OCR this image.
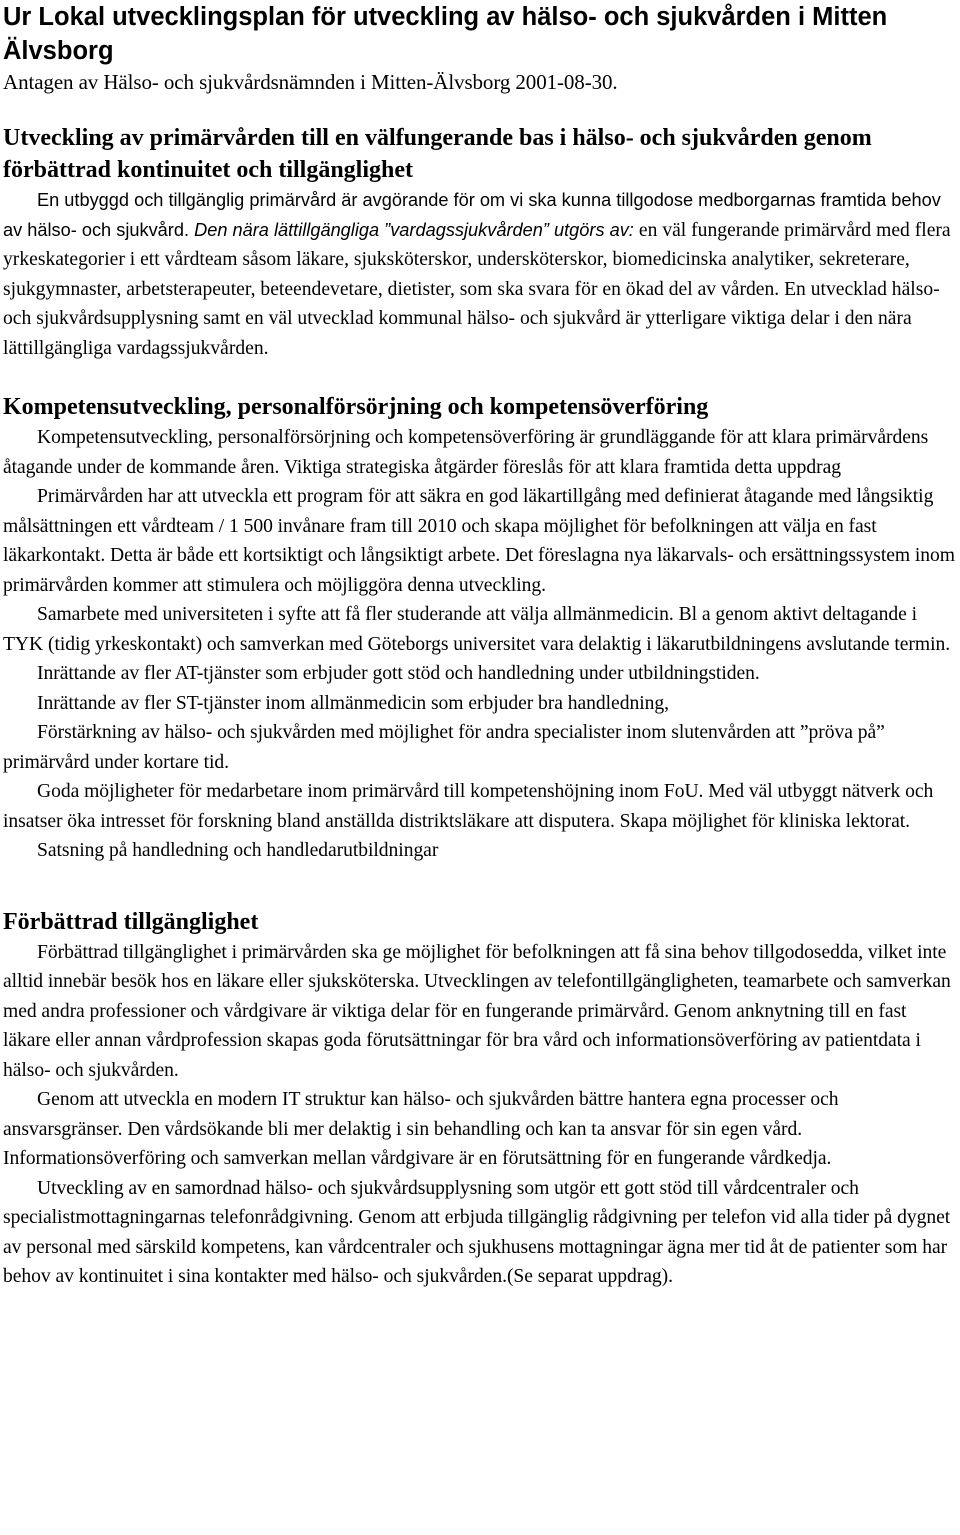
Ur Lokal utvecklingsplan för utveckling av hälso- och sjukvården i Mitten Älvsborg

Antagen av Hälso- och sjukvårdsnämnden i Mitten-Älvsborg 2001-08-30.

Utveckling av primärvården till en välfungerande bas i hälso- och sjukvården genom förbättrad kontinuitet och tillgänglighet

En utbyggd och tillgänglig primärvård är avgörande för om vi ska kunna tillgodose medborgarnas framtida behov av hälso- och sjukvård. Den nära lättillgängliga ”vardagssjukvården” utgörs av: en väl fungerande primärvård med flera yrkeskategorier i ett vårdteam såsom läkare, sjuksköterskor, undersköterskor, biomedicinska analytiker, sekreterare, sjukgymnaster, arbetsterapeuter, beteendevetare, dietister, som ska svara för en ökad del av vården. En utvecklad hälso- och sjukvårdsupplysning samt en väl utvecklad kommunal hälso- och sjukvård är ytterligare viktiga delar i den nära lättillgängliga vardagssjukvården.

Kompetensutveckling, personalförsörjning och kompetensöverföring

Kompetensutveckling, personalförsörjning och kompetensöverföring är grundläggande för att klara primärvårdens åtagande under de kommande åren. Viktiga strategiska åtgärder föreslås för att klara framtida detta uppdrag

Primärvården har att utveckla ett program för att säkra en god läkartillgång med definierat åtagande med långsiktig målsättningen ett vårdteam / 1 500 invånare fram till 2010 och skapa möjlighet för befolkningen att välja en fast läkarkontakt. Detta är både ett kortsiktigt och långsiktigt arbete. Det föreslagna nya läkarvals- och ersättningssystem inom primärvården kommer att stimulera och möjliggöra denna utveckling.

Samarbete med universiteten i syfte att få fler studerande att välja allmänmedicin. Bl a genom aktivt deltagande i TYK (tidig yrkeskontakt) och samverkan med Göteborgs universitet vara delaktig i läkarutbildningens avslutande termin.

Inrättande av fler AT-tjänster som erbjuder gott stöd och handledning under utbildningstiden.

Inrättande av fler ST-tjänster inom allmänmedicin som erbjuder bra handledning,

Förstärkning av hälso- och sjukvården med möjlighet för andra specialister inom slutenvården att ”pröva på” primärvård under kortare tid.

Goda möjligheter för medarbetare inom primärvård till kompetenshöjning inom FoU. Med väl utbyggt nätverk och insatser öka intresset för forskning bland anställda distriktsläkare att disputera. Skapa möjlighet för kliniska lektorat.

Satsning på handledning och handledarutbildningar

Förbättrad tillgänglighet

Förbättrad tillgänglighet i primärvården ska ge möjlighet för befolkningen att få sina behov tillgodosedda, vilket inte alltid innebär besök hos en läkare eller sjuksköterska. Utvecklingen av telefontillgängligheten, teamarbete och samverkan med andra professioner och vårdgivare är viktiga delar för en fungerande primärvård. Genom anknytning till en fast läkare eller annan vårdprofession skapas goda förutsättningar för bra vård och informationsöverföring av patientdata i hälso- och sjukvården.

Genom att utveckla en modern IT struktur kan hälso- och sjukvården bättre hantera egna processer och ansvarsgränser. Den vårdsökande bli mer delaktig i sin behandling och kan ta ansvar för sin egen vård. Informationsöverföring och samverkan mellan vårdgivare är en förutsättning för en fungerande vårdkedja.

Utveckling av en samordnad hälso- och sjukvårdsupplysning som utgör ett gott stöd till vårdcentraler och specialistmottagningarnas telefonrådgivning. Genom att erbjuda tillgänglig rådgivning per telefon vid alla tider på dygnet av personal med särskild kompetens, kan vårdcentraler och sjukhusens mottagningar ägna mer tid åt de patienter som har behov av kontinuitet i sina kontakter med hälso- och sjukvården.(Se separat uppdrag).
